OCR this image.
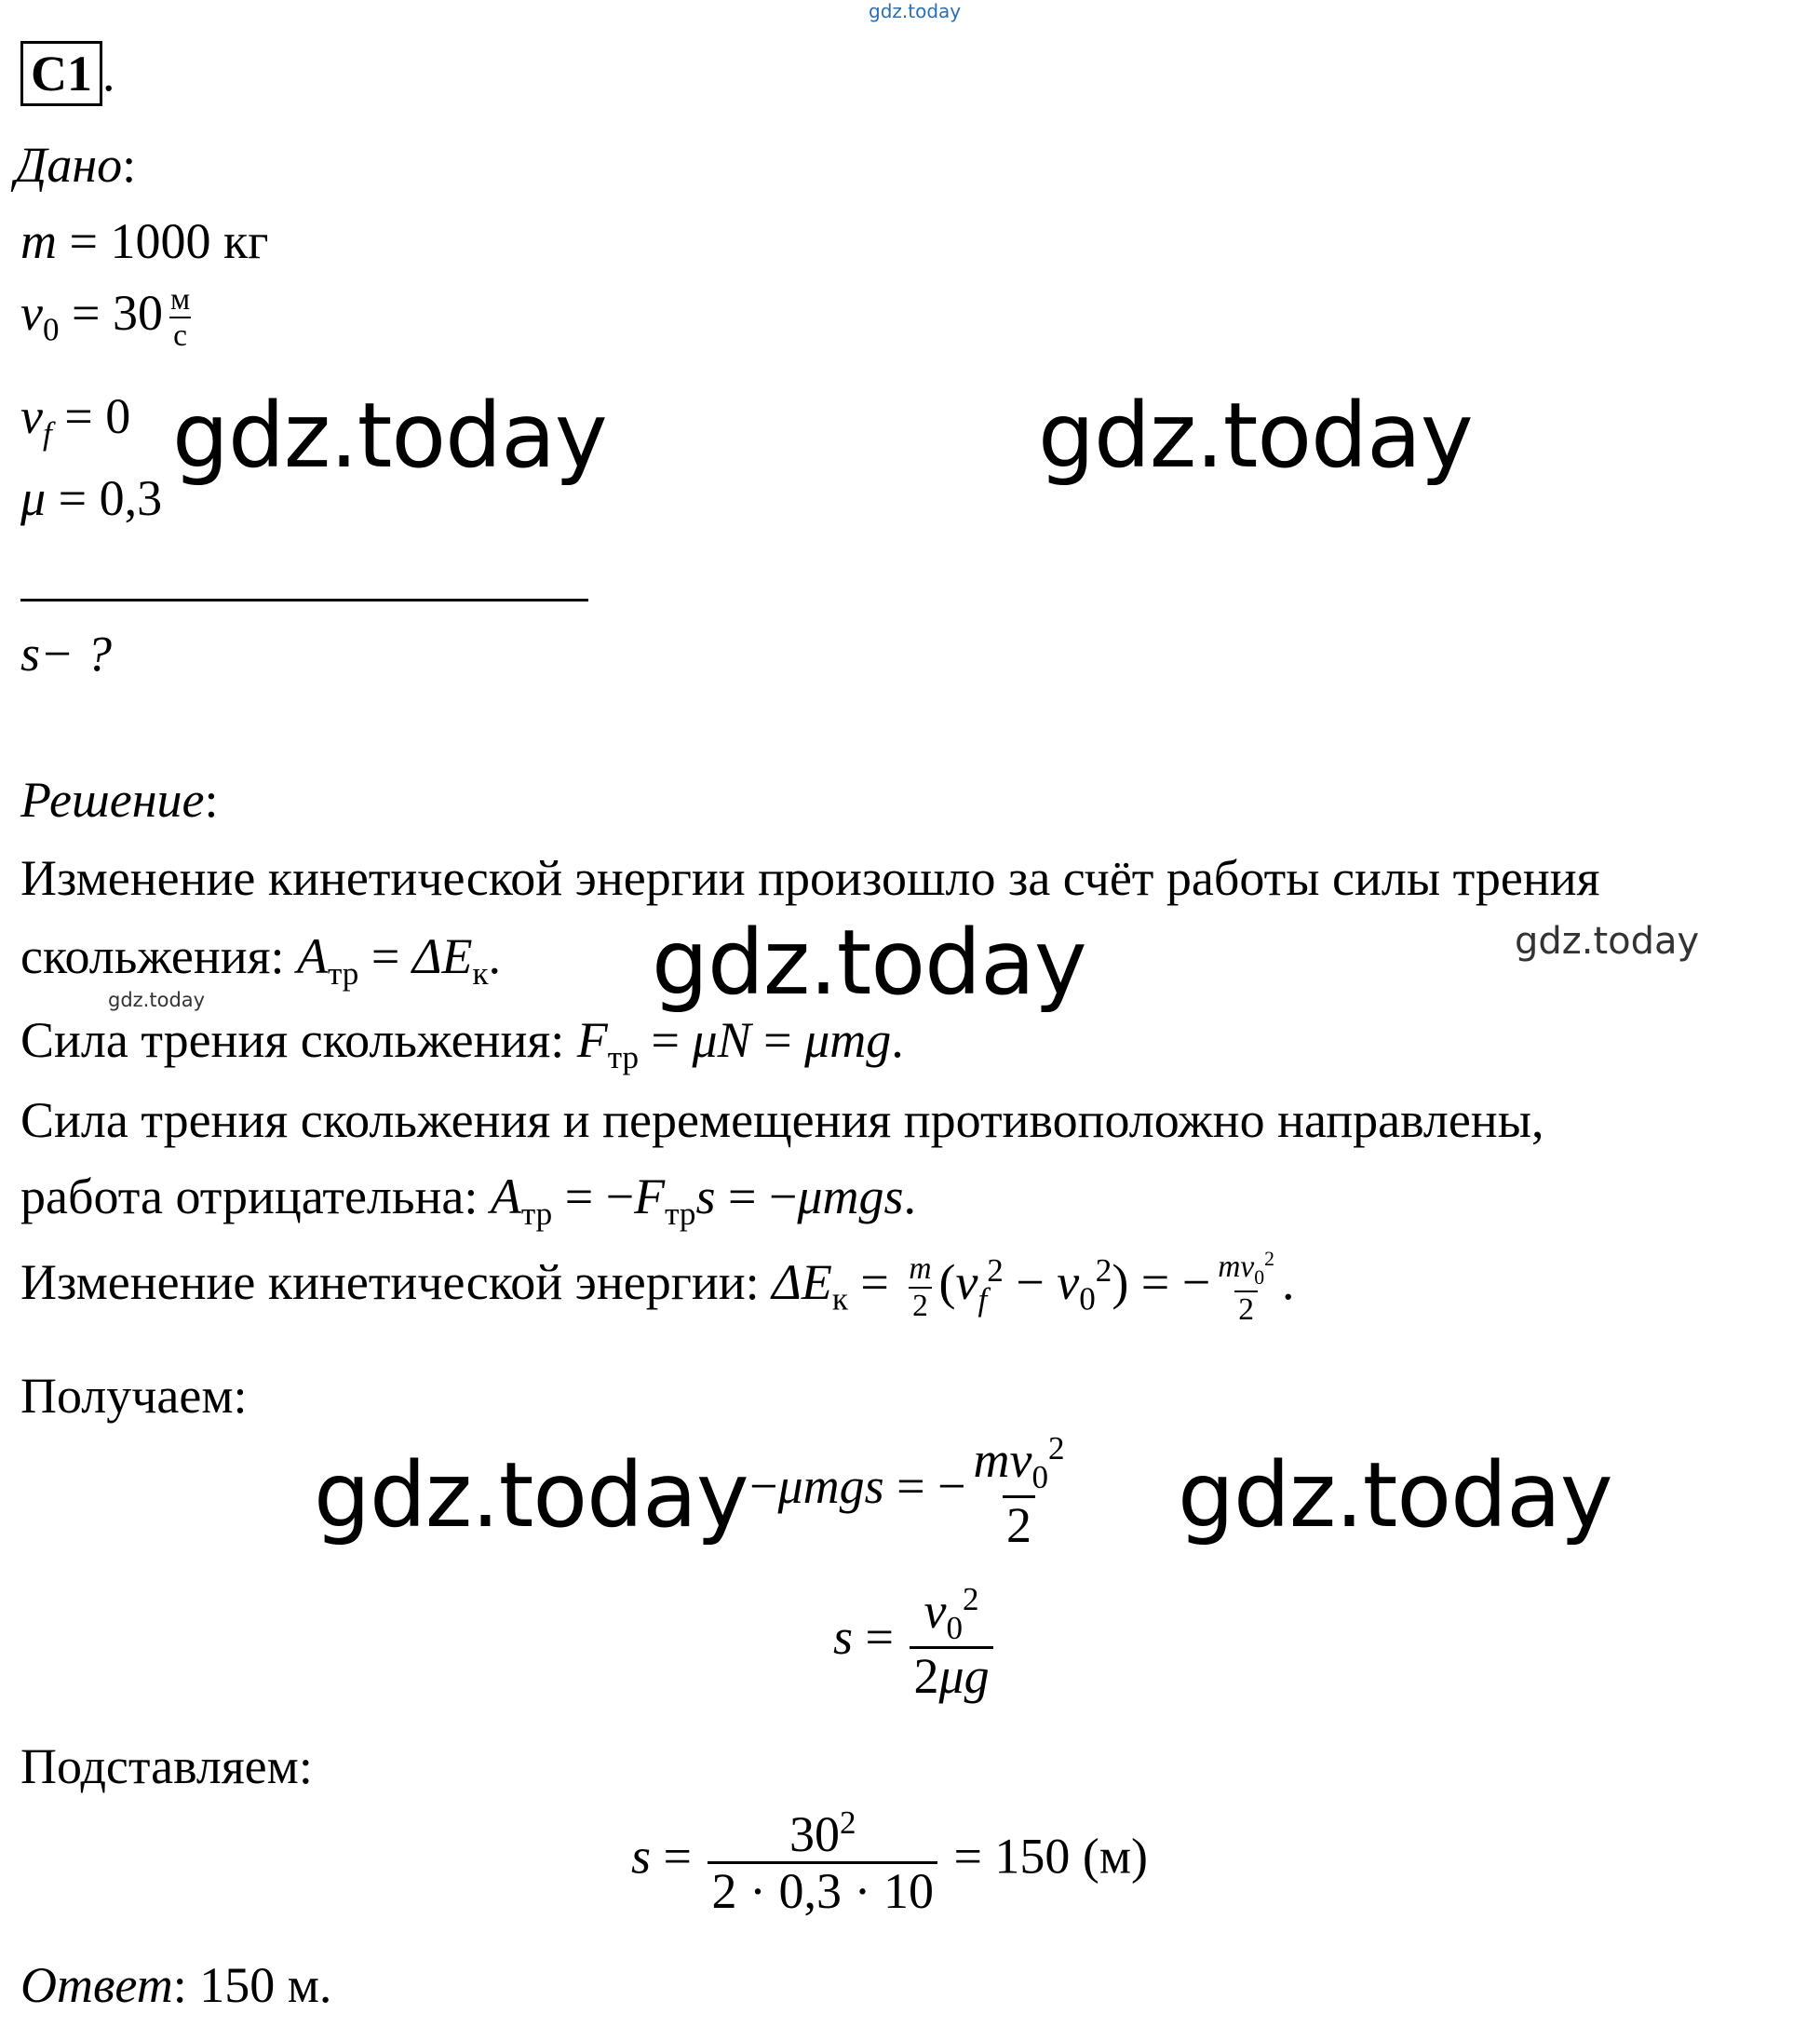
gdz.today
C1 .
Дано:
m = 1000 кг
$v_0 = 30 \frac{м}{с}$
$v_f = 0$
μ = 0,3
s− ?
Решение:
Изменение кинетической энергии произошло за счёт работы силы трения
скольжения: $A_{тр} = \Delta E_к$.
Сила трения скольжения: $F_{тр} = \mu N = \mu mg$.
Сила трения скольжения и перемещения противоположно направлены,
работа отрицательна: $A_{тр} = -F_{тр}s = -\mu mgs$.
Изменение кинетической энергии: $\Delta E_к = \frac{m}{2} (v_f^2 - v_0^2)$ = − $\frac{mv_0^2}{2}$ .
Получаем:
−μmgs = − $\frac{mv_0^2}{2}$
$s = \frac{v_0^2}{2\mu g}$
Подставляем:
$s = \frac{30^2}{2 \cdot 0,3 \cdot 10} = 150$ (м)
Ответ: 150 м.
gdz.today	gdz.today
gdz.today	gdz.today
gdz.today
gdz.today	gdz.today
